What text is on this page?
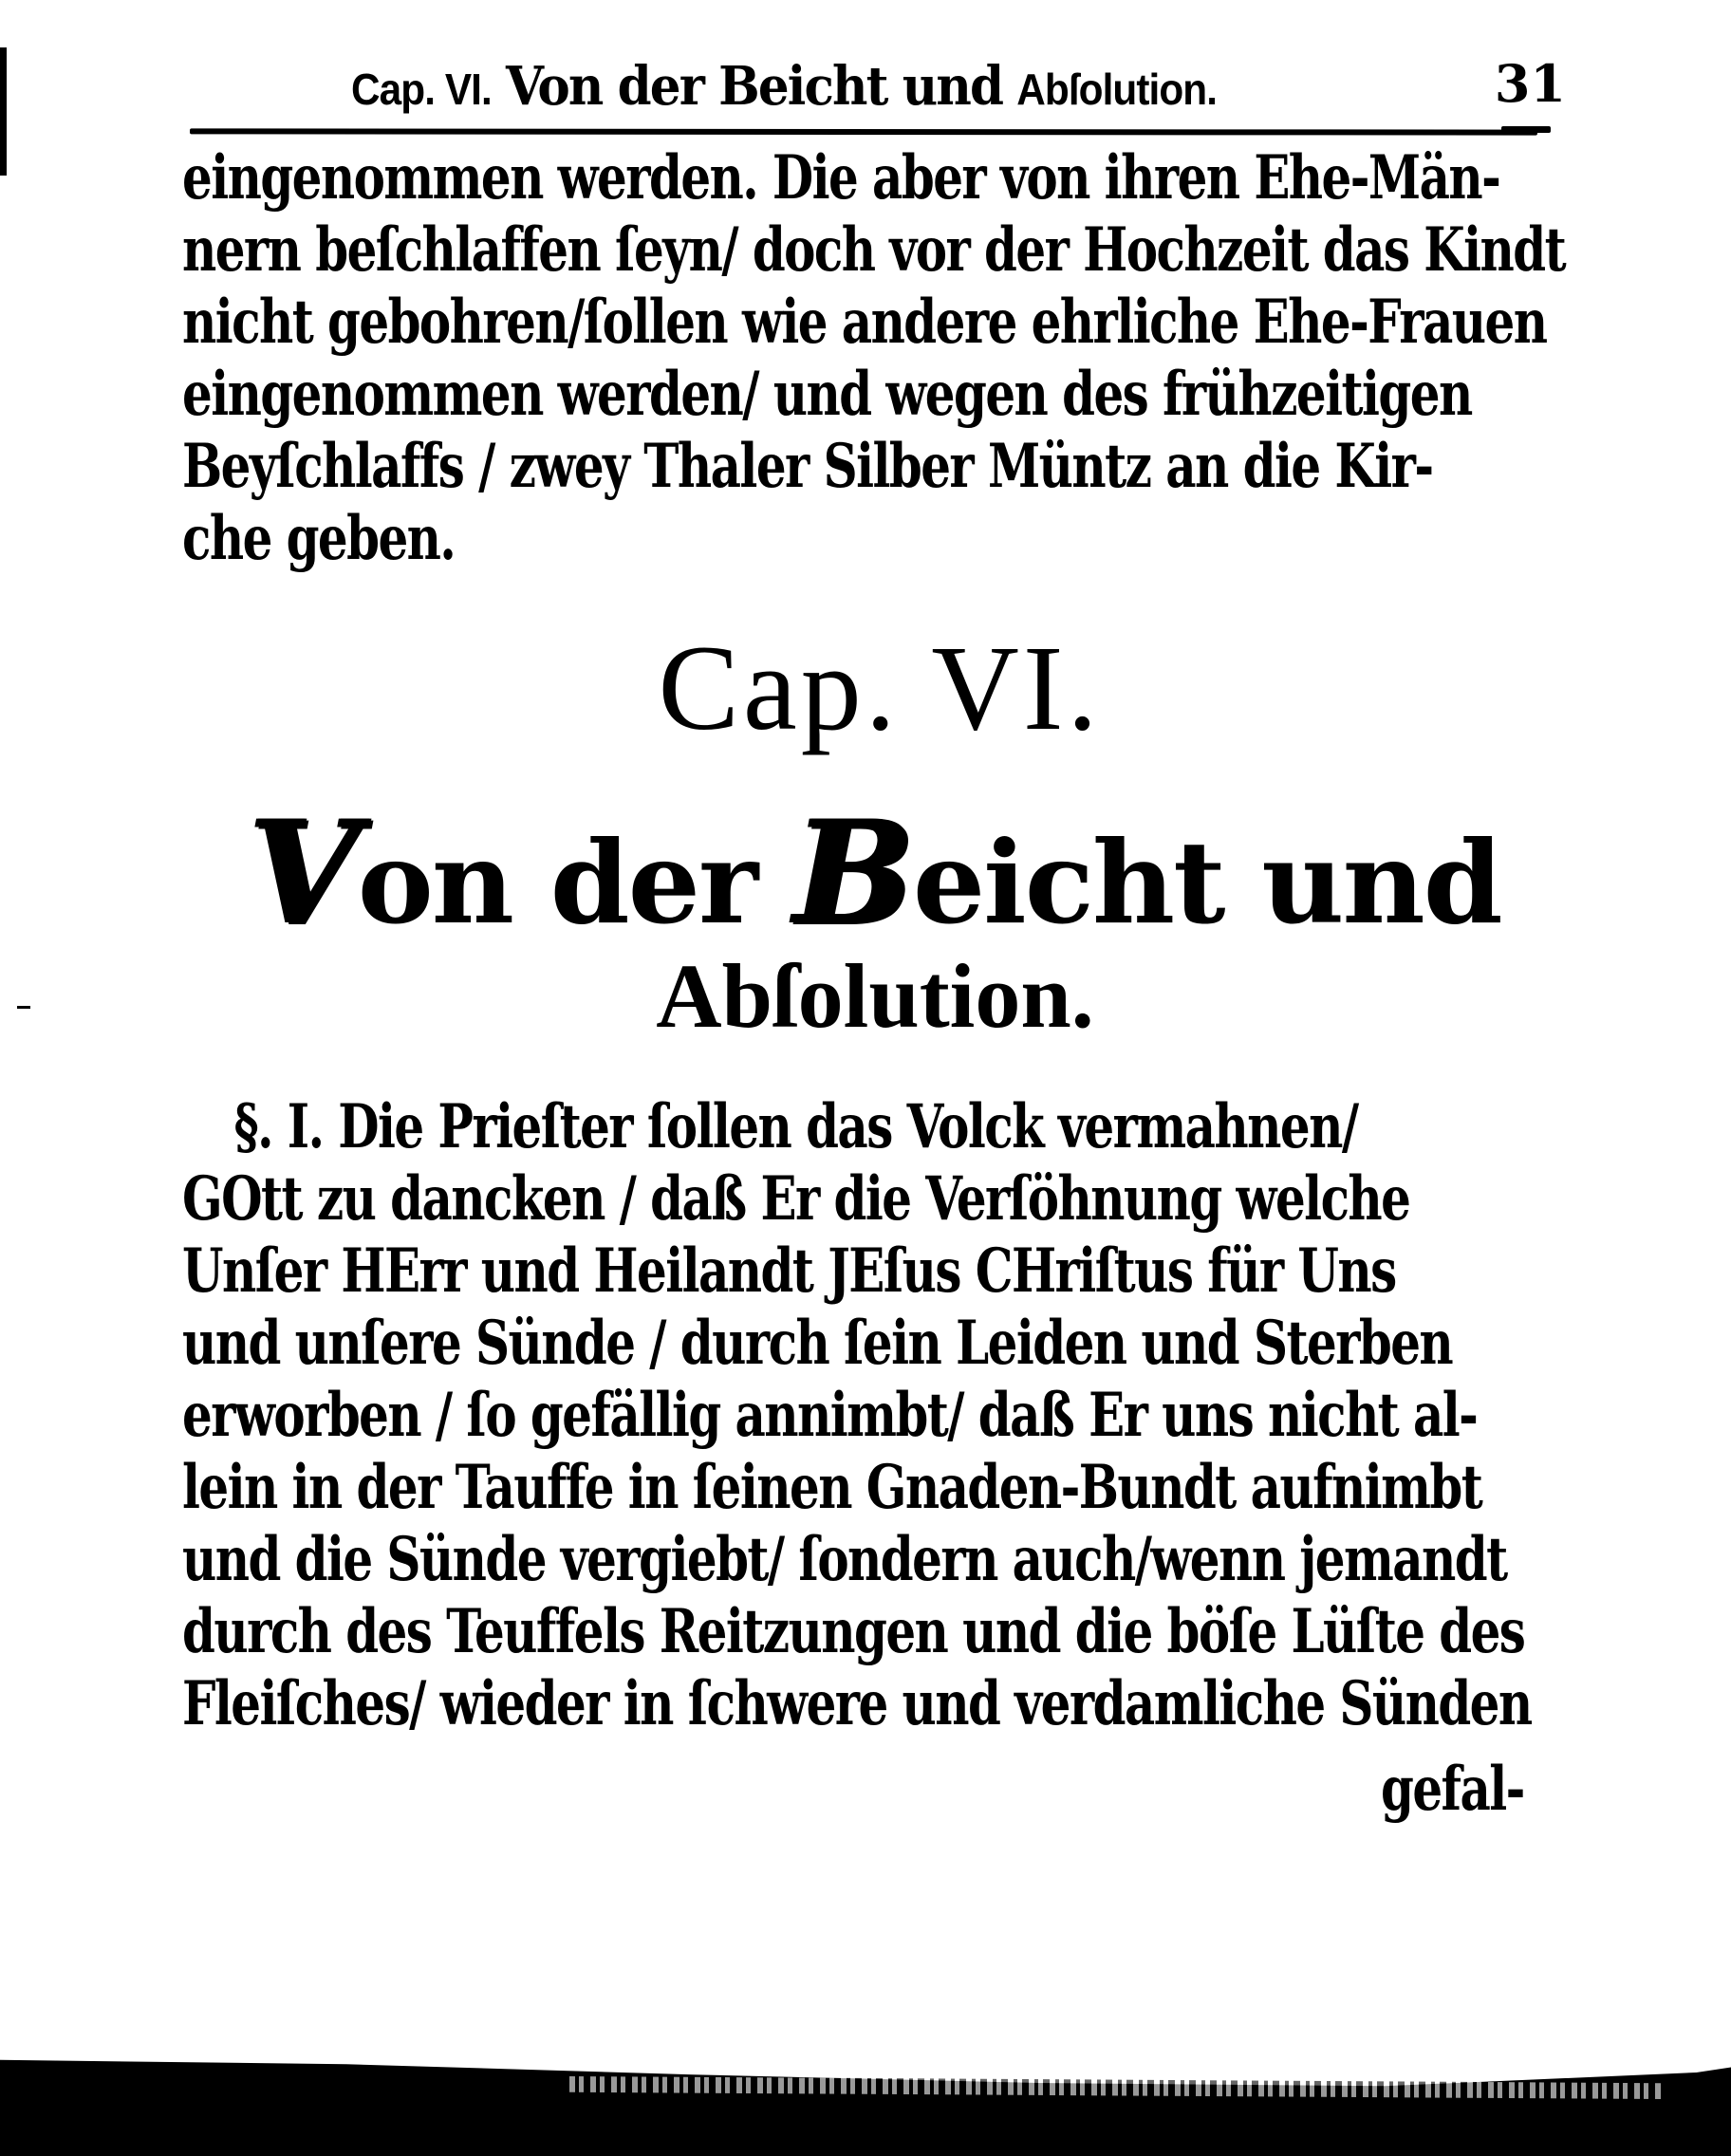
Cap. VI. Von der Beicht und Abſolution.	31
eingenommen werden. Die aber von ihren Ehe-Män-
nern beſchlaffen ſeyn/ doch vor der Hochzeit das Kindt
nicht gebohren/ſollen wie andere ehrliche Ehe-Frauen
eingenommen werden/ und wegen des frühzeitigen
Beyſchlaffs / zwey Thaler Silber Müntz an die Kir-
che geben.
Cap. VI.
Von der Beicht und
Abſolution.
§. I. Die Prieſter ſollen das Volck vermahnen/
GOtt zu dancken / daß Er die Verſöhnung welche
Unſer HErr und Heilandt JEſus CHriſtus für Uns
und unſere Sünde / durch ſein Leiden und Sterben
erworben / ſo gefällig annimbt/ daß Er uns nicht al-
lein in der Tauffe in ſeinen Gnaden-Bundt aufnimbt
und die Sünde vergiebt/ ſondern auch/wenn jemandt
durch des Teuffels Reitzungen und die böſe Lüſte des
Fleiſches/ wieder in ſchwere und verdamliche Sünden
gefal-
